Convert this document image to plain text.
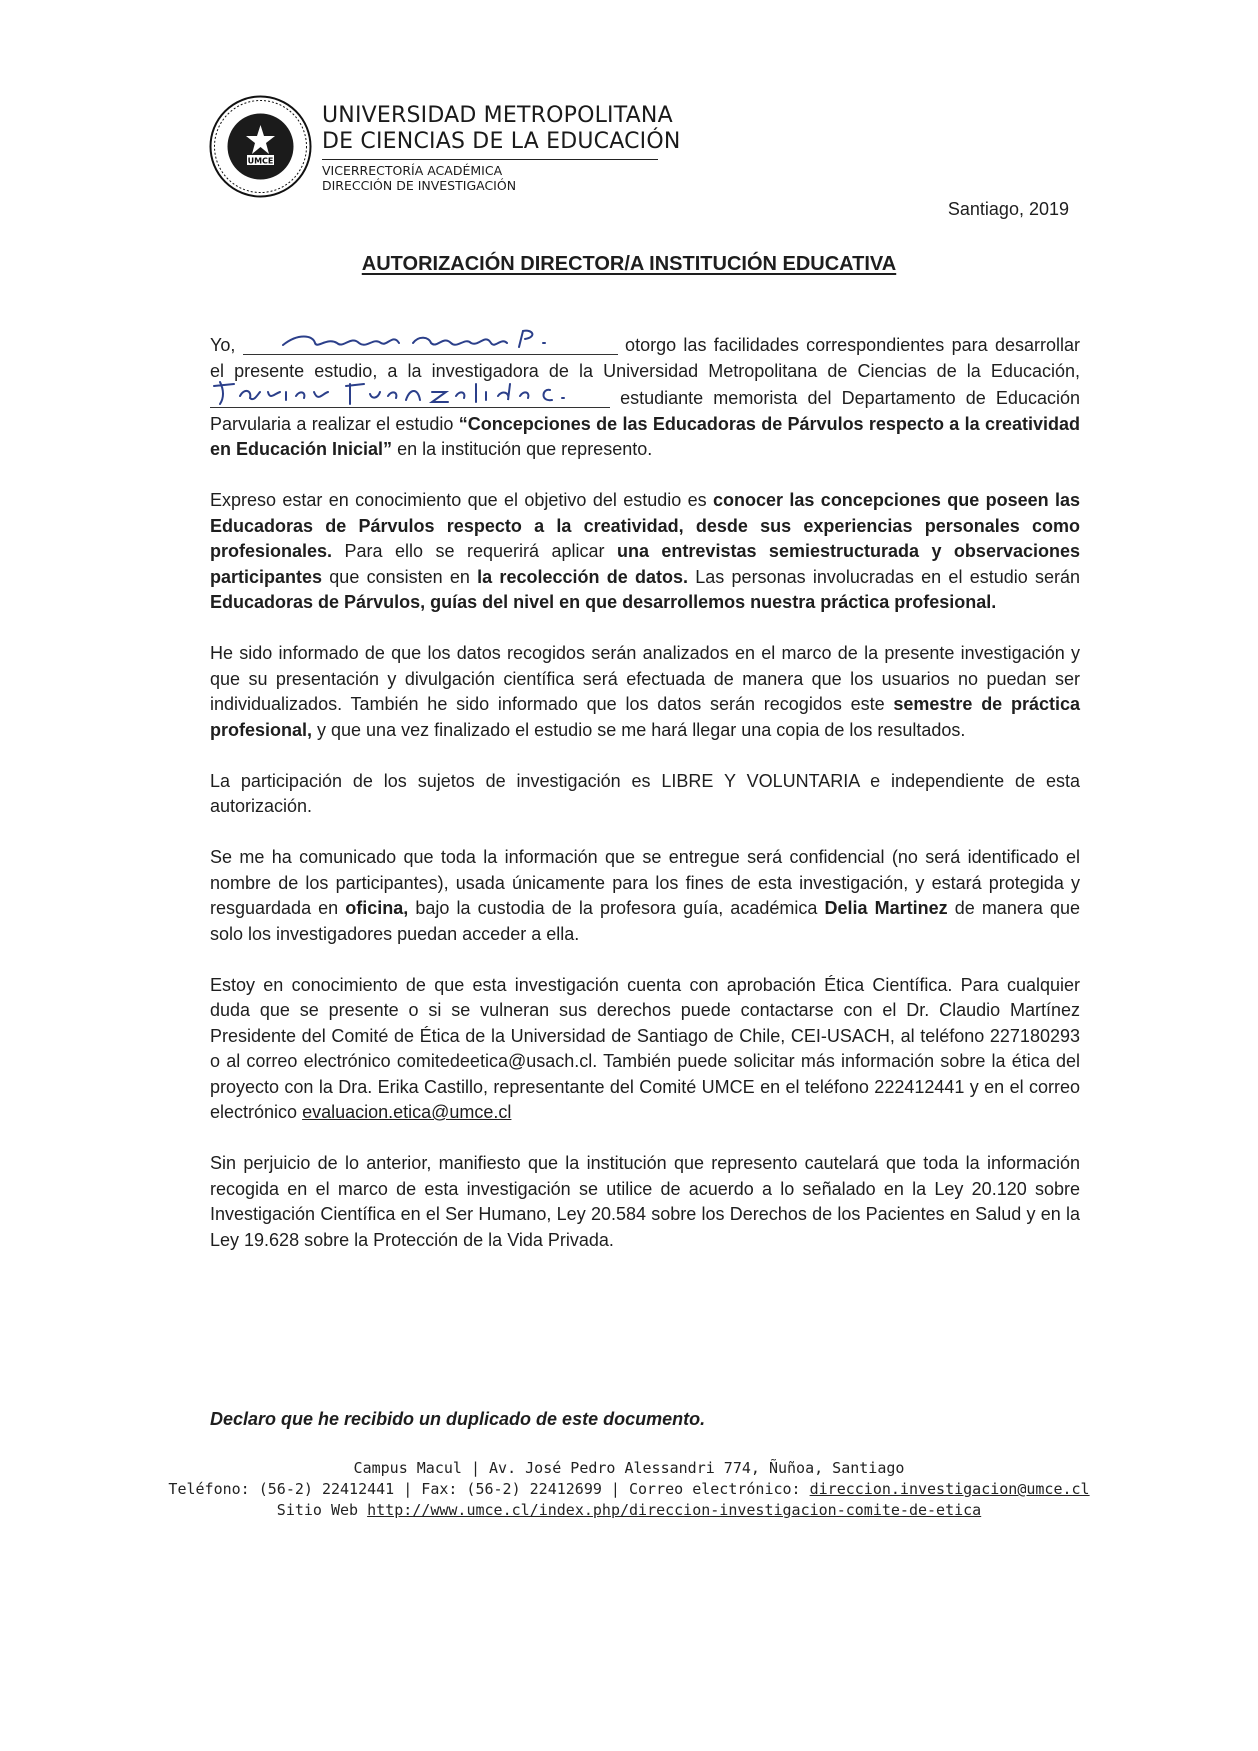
UMCE
UNIVERSIDAD METROPOLITANA
DE CIENCIAS DE LA EDUCACIÓN
VICERRECTORÍA ACADÉMICA
DIRECCIÓN DE INVESTIGACIÓN
Santiago, 2019
AUTORIZACIÓN DIRECTOR/A INSTITUCIÓN EDUCATIVA

Yo,	otorgo las facilidades correspondientes para desarrollar el presente estudio, a la investigadora de la Universidad Metropolitana de Ciencias de la Educación,
estudiante memorista del Departamento de Educación Parvularia a realizar el estudio “Concepciones de las Educadoras de Párvulos respecto a la creatividad en Educación Inicial” en la institución que represento.

Expreso estar en conocimiento que el objetivo del estudio es conocer las concepciones que poseen las Educadoras de Párvulos respecto a la creatividad, desde sus experiencias personales como profesionales. Para ello se requerirá aplicar una entrevistas semiestructurada y observaciones participantes que consisten en la recolección de datos. Las personas involucradas en el estudio serán Educadoras de Párvulos, guías del nivel en que desarrollemos nuestra práctica profesional.

He sido informado de que los datos recogidos serán analizados en el marco de la presente investigación y que su presentación y divulgación científica será efectuada de manera que los usuarios no puedan ser individualizados. También he sido informado que los datos serán recogidos este semestre de práctica profesional, y que una vez finalizado el estudio se me hará llegar una copia de los resultados.

La participación de los sujetos de investigación es LIBRE Y VOLUNTARIA e independiente de esta autorización.

Se me ha comunicado que toda la información que se entregue será confidencial (no será identificado el nombre de los participantes), usada únicamente para los fines de esta investigación, y estará protegida y resguardada en oficina, bajo la custodia de la profesora guía, académica Delia Martinez de manera que solo los investigadores puedan acceder a ella.

Estoy en conocimiento de que esta investigación cuenta con aprobación Ética Científica. Para cualquier duda que se presente o si se vulneran sus derechos puede contactarse con el Dr. Claudio Martínez Presidente del Comité de Ética de la Universidad de Santiago de Chile, CEI-USACH, al teléfono 227180293 o al correo electrónico comitedeetica@usach.cl. También puede solicitar más información sobre la ética del proyecto con la Dra. Erika Castillo, representante del Comité UMCE en el teléfono 222412441 y en el correo electrónico evaluacion.etica@umce.cl

Sin perjuicio de lo anterior, manifiesto que la institución que represento cautelará que toda la información recogida en el marco de esta investigación se utilice de acuerdo a lo señalado en la Ley 20.120 sobre Investigación Científica en el Ser Humano, Ley 20.584 sobre los Derechos de los Pacientes en Salud y en la Ley 19.628 sobre la Protección de la Vida Privada.

Declaro que he recibido un duplicado de este documento.
Campus Macul | Av. José Pedro Alessandri 774, Ñuñoa, Santiago
Teléfono: (56-2) 22412441 | Fax: (56-2) 22412699 | Correo electrónico: direccion.investigacion@umce.cl
Sitio Web http://www.umce.cl/index.php/direccion-investigacion-comite-de-etica
